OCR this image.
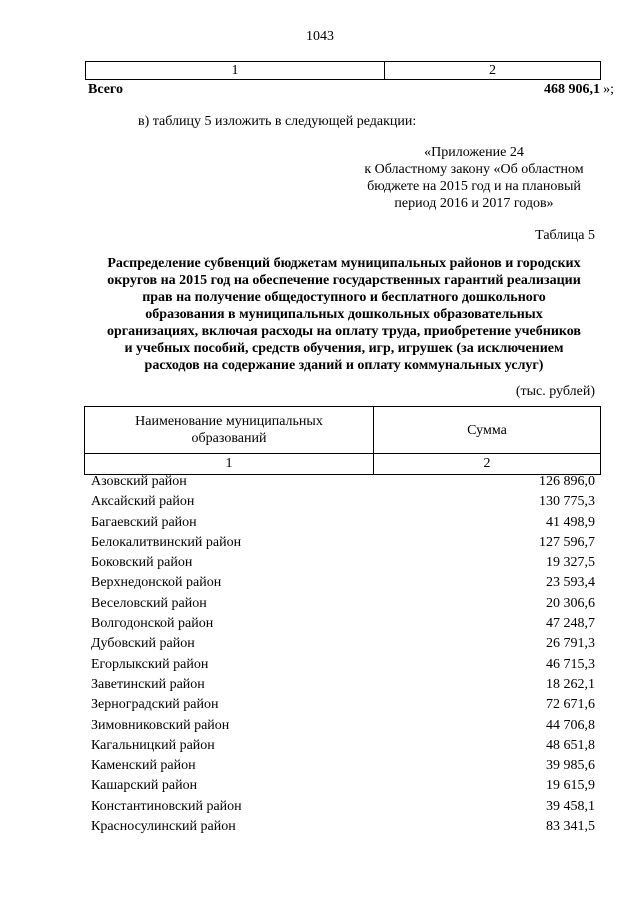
1043
1	2
Всего	468 906,1 »;
в) таблицу 5 изложить в следующей редакции:
«Приложение 24
к Областному закону «Об областном
бюджете на 2015 год и на плановый
период 2016 и 2017 годов»
Таблица 5
Распределение субвенций бюджетам муниципальных районов и городских
округов на 2015 год на обеспечение государственных гарантий реализации
прав на получение общедоступного и бесплатного дошкольного
образования в муниципальных дошкольных образовательных
организациях, включая расходы на оплату труда, приобретение учебников
и учебных пособий, средств обучения, игр, игрушек (за исключением
расходов на содержание зданий и оплату коммунальных услуг)
(тыс. рублей)
Наименование муниципальных
образований	Сумма
1	2
Азовский район	126 896,0
Аксайский район	130 775,3
Багаевский район	41 498,9
Белокалитвинский район	127 596,7
Боковский район	19 327,5
Верхнедонской район	23 593,4
Веселовский район	20 306,6
Волгодонской район	47 248,7
Дубовский район	26 791,3
Егорлыкский район	46 715,3
Заветинский район	18 262,1
Зерноградский район	72 671,6
Зимовниковский район	44 706,8
Кагальницкий район	48 651,8
Каменский район	39 985,6
Кашарский район	19 615,9
Константиновский район	39 458,1
Красносулинский район	83 341,5
